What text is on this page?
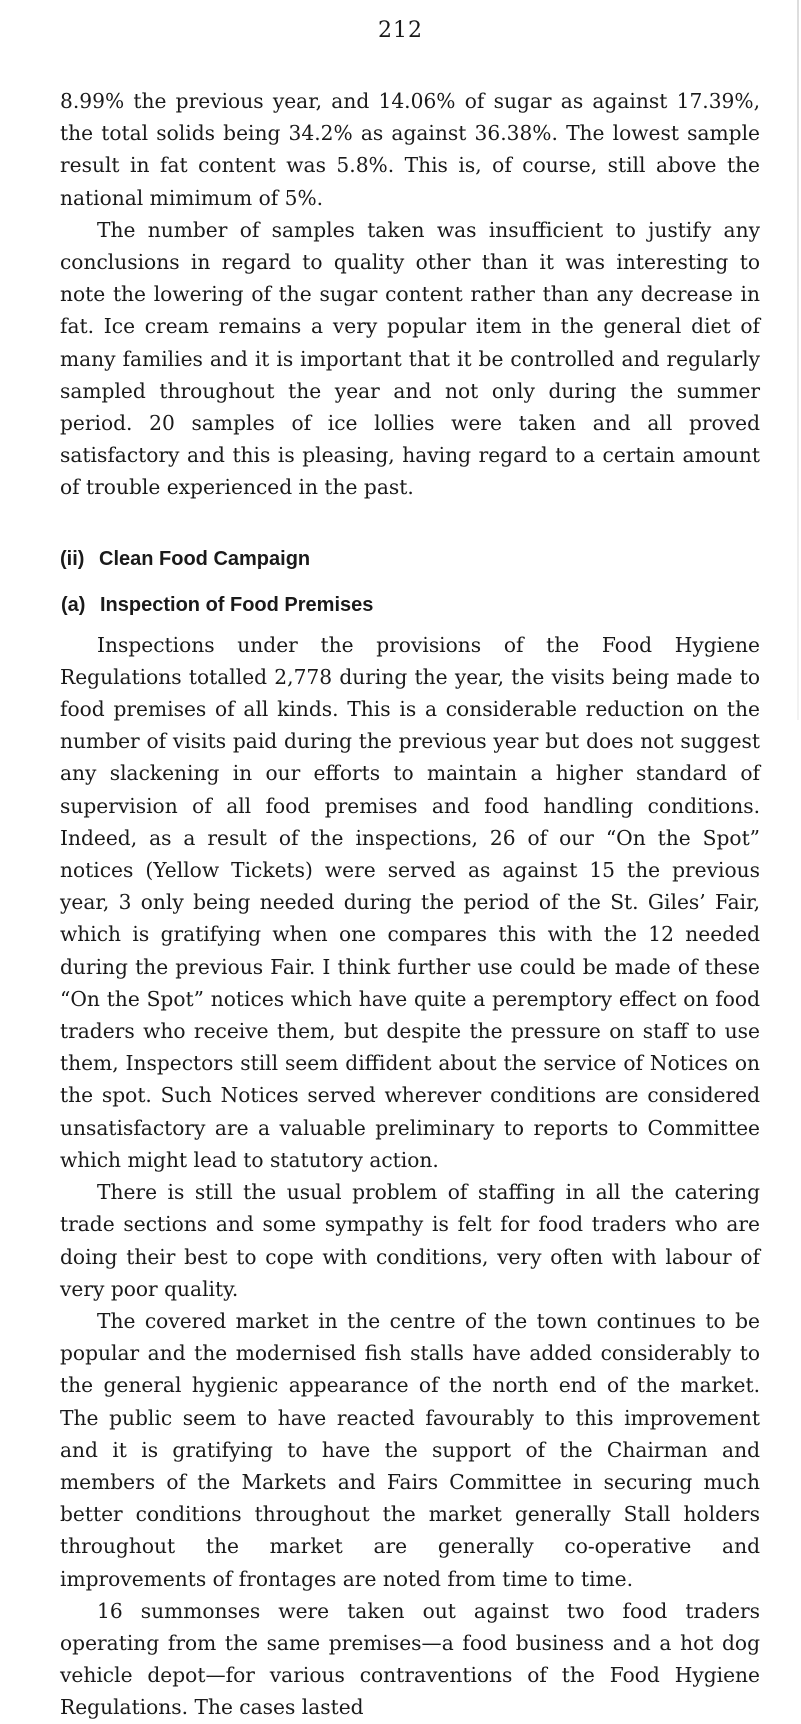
212

8.99% the previous year, and 14.06% of sugar as against 17.39%, the total solids being 34.2% as against 36.38%. The lowest sample result in fat content was 5.8%. This is, of course, still above the national mimimum of 5%.

The number of samples taken was insufficient to justify any conclusions in regard to quality other than it was interesting to note the lowering of the sugar content rather than any decrease in fat. Ice cream remains a very popular item in the general diet of many families and it is important that it be controlled and regularly sampled throughout the year and not only during the summer period. 20 samples of ice lollies were taken and all proved satisfactory and this is pleasing, having regard to a certain amount of trouble experienced in the past.

(ii) Clean Food Campaign
(a) Inspection of Food Premises

Inspections under the provisions of the Food Hygiene Regulations totalled 2,778 during the year, the visits being made to food premises of all kinds. This is a considerable reduction on the number of visits paid during the previous year but does not suggest any slackening in our efforts to maintain a higher standard of supervision of all food premises and food handling conditions. Indeed, as a result of the inspections, 26 of our “On the Spot” notices (Yellow Tickets) were served as against 15 the previous year, 3 only being needed during the period of the St. Giles’ Fair, which is gratifying when one compares this with the 12 needed during the previous Fair. I think further use could be made of these “On the Spot” notices which have quite a peremptory effect on food traders who receive them, but despite the pressure on staff to use them, Inspectors still seem diffident about the service of Notices on the spot. Such Notices served wherever conditions are considered unsatisfactory are a valuable preliminary to reports to Committee which might lead to statutory action.

There is still the usual problem of staffing in all the catering trade sections and some sympathy is felt for food traders who are doing their best to cope with conditions, very often with labour of very poor quality.

The covered market in the centre of the town continues to be popular and the modernised fish stalls have added considerably to the general hygienic appearance of the north end of the market. The public seem to have reacted favourably to this improvement and it is gratifying to have the support of the Chairman and members of the Markets and Fairs Committee in securing much better conditions throughout the market generally Stall holders throughout the market are generally co-operative and improvements of frontages are noted from time to time.

16 summonses were taken out against two food traders operating from the same premises—a food business and a hot dog vehicle depot—for various contraventions of the Food Hygiene Regulations. The cases lasted
